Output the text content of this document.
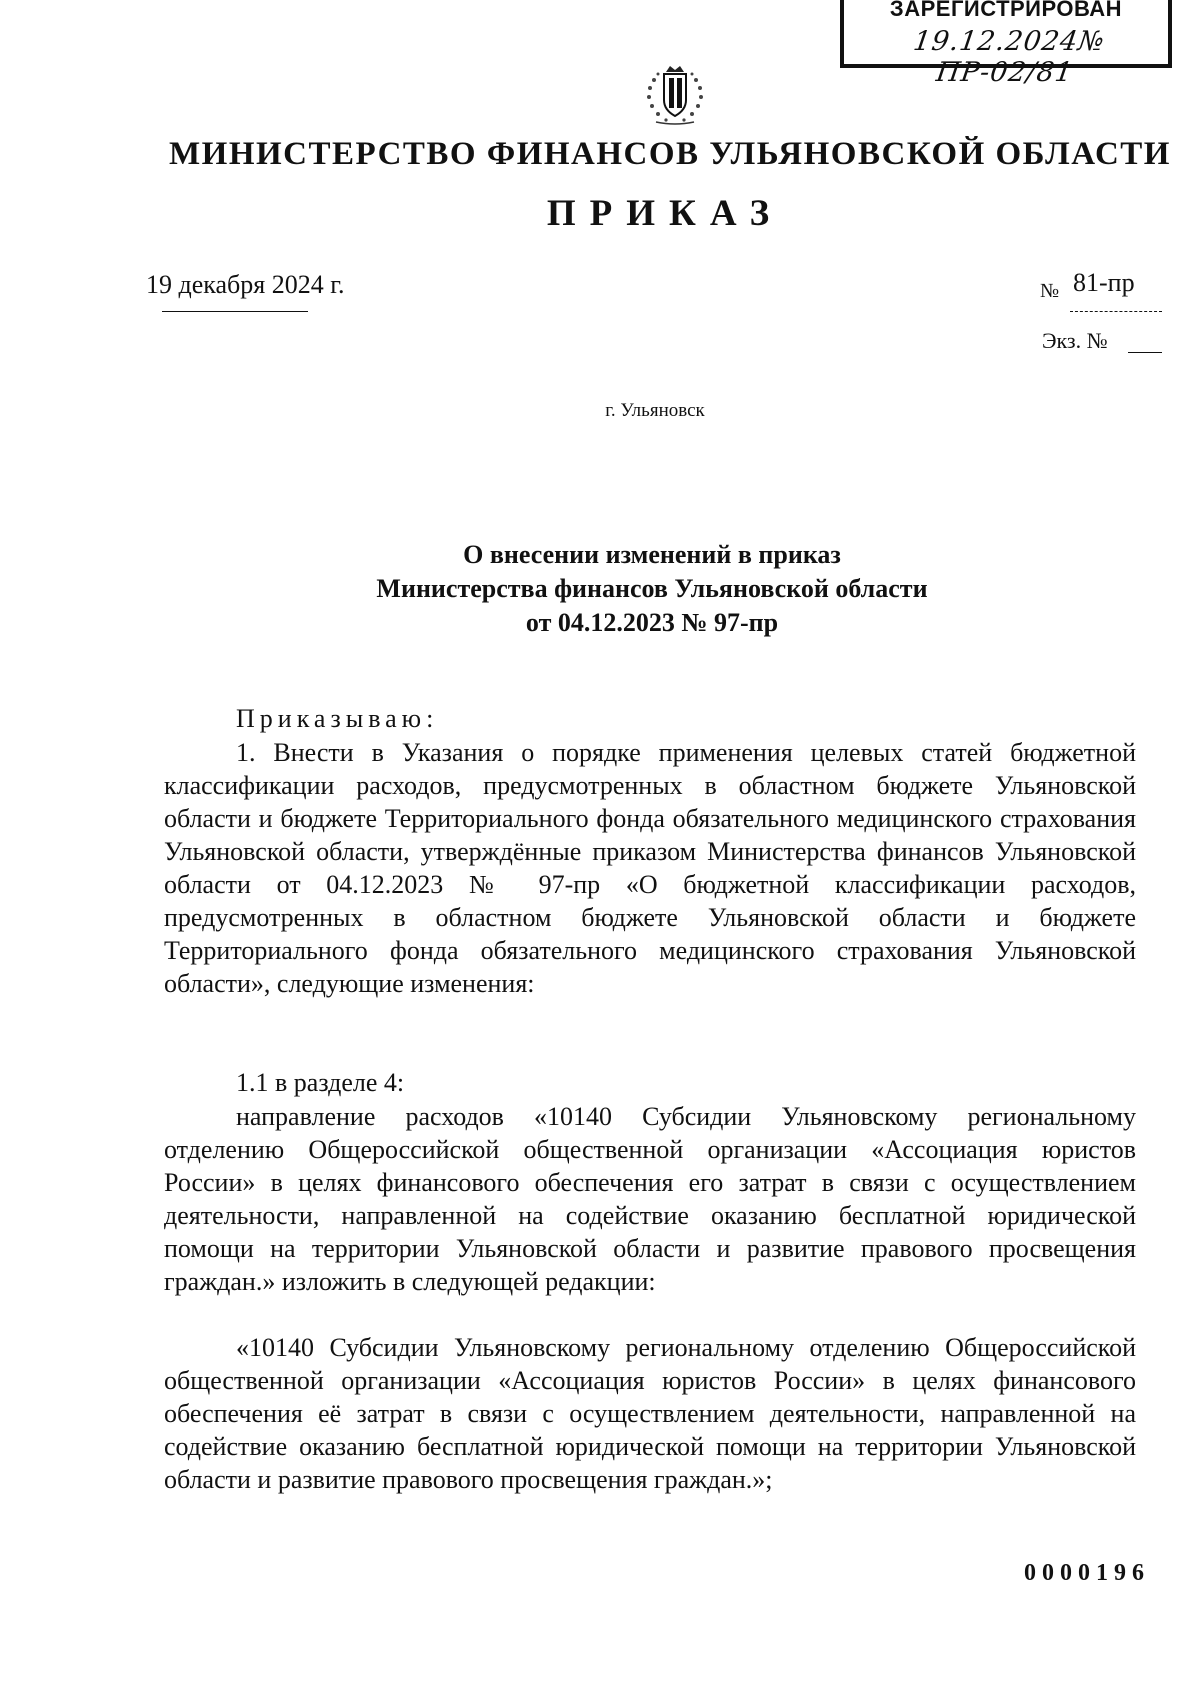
ЗАРЕГИСТРИРОВАН
19.12.2024№ ПР-02/81
МИНИСТЕРСТВО ФИНАНСОВ УЛЬЯНОВСКОЙ ОБЛАСТИ
ПРИКАЗ
19 декабря 2024 г.	№ 81-пр
Экз. №
г. Ульяновск
О внесении изменений в приказ
Министерства финансов Ульяновской области
от 04.12.2023 № 97-пр
Приказываю:
1. Внести в Указания о порядке применения целевых статей бюджетной классификации расходов, предусмотренных в областном бюджете Ульяновской области и бюджете Территориального фонда обязательного медицинского страхования Ульяновской области, утверждённые приказом Министерства финансов Ульяновской области от 04.12.2023 № 97-пр «О бюджетной классификации расходов, предусмотренных в областном бюджете Ульяновской области и бюджете Территориального фонда обязательного медицинского страхования Ульяновской области», следующие изменения:
1.1 в разделе 4:
направление расходов «10140 Субсидии Ульяновскому региональному отделению Общероссийской общественной организации «Ассоциация юристов России» в целях финансового обеспечения его затрат в связи с осуществлением деятельности, направленной на содействие оказанию бесплатной юридической помощи на территории Ульяновской области и развитие правового просвещения граждан.» изложить в следующей редакции:
«10140 Субсидии Ульяновскому региональному отделению Общероссийской общественной организации «Ассоциация юристов России» в целях финансового обеспечения её затрат в связи с осуществлением деятельности, направленной на содействие оказанию бесплатной юридической помощи на территории Ульяновской области и развитие правового просвещения граждан.»;
0000196
